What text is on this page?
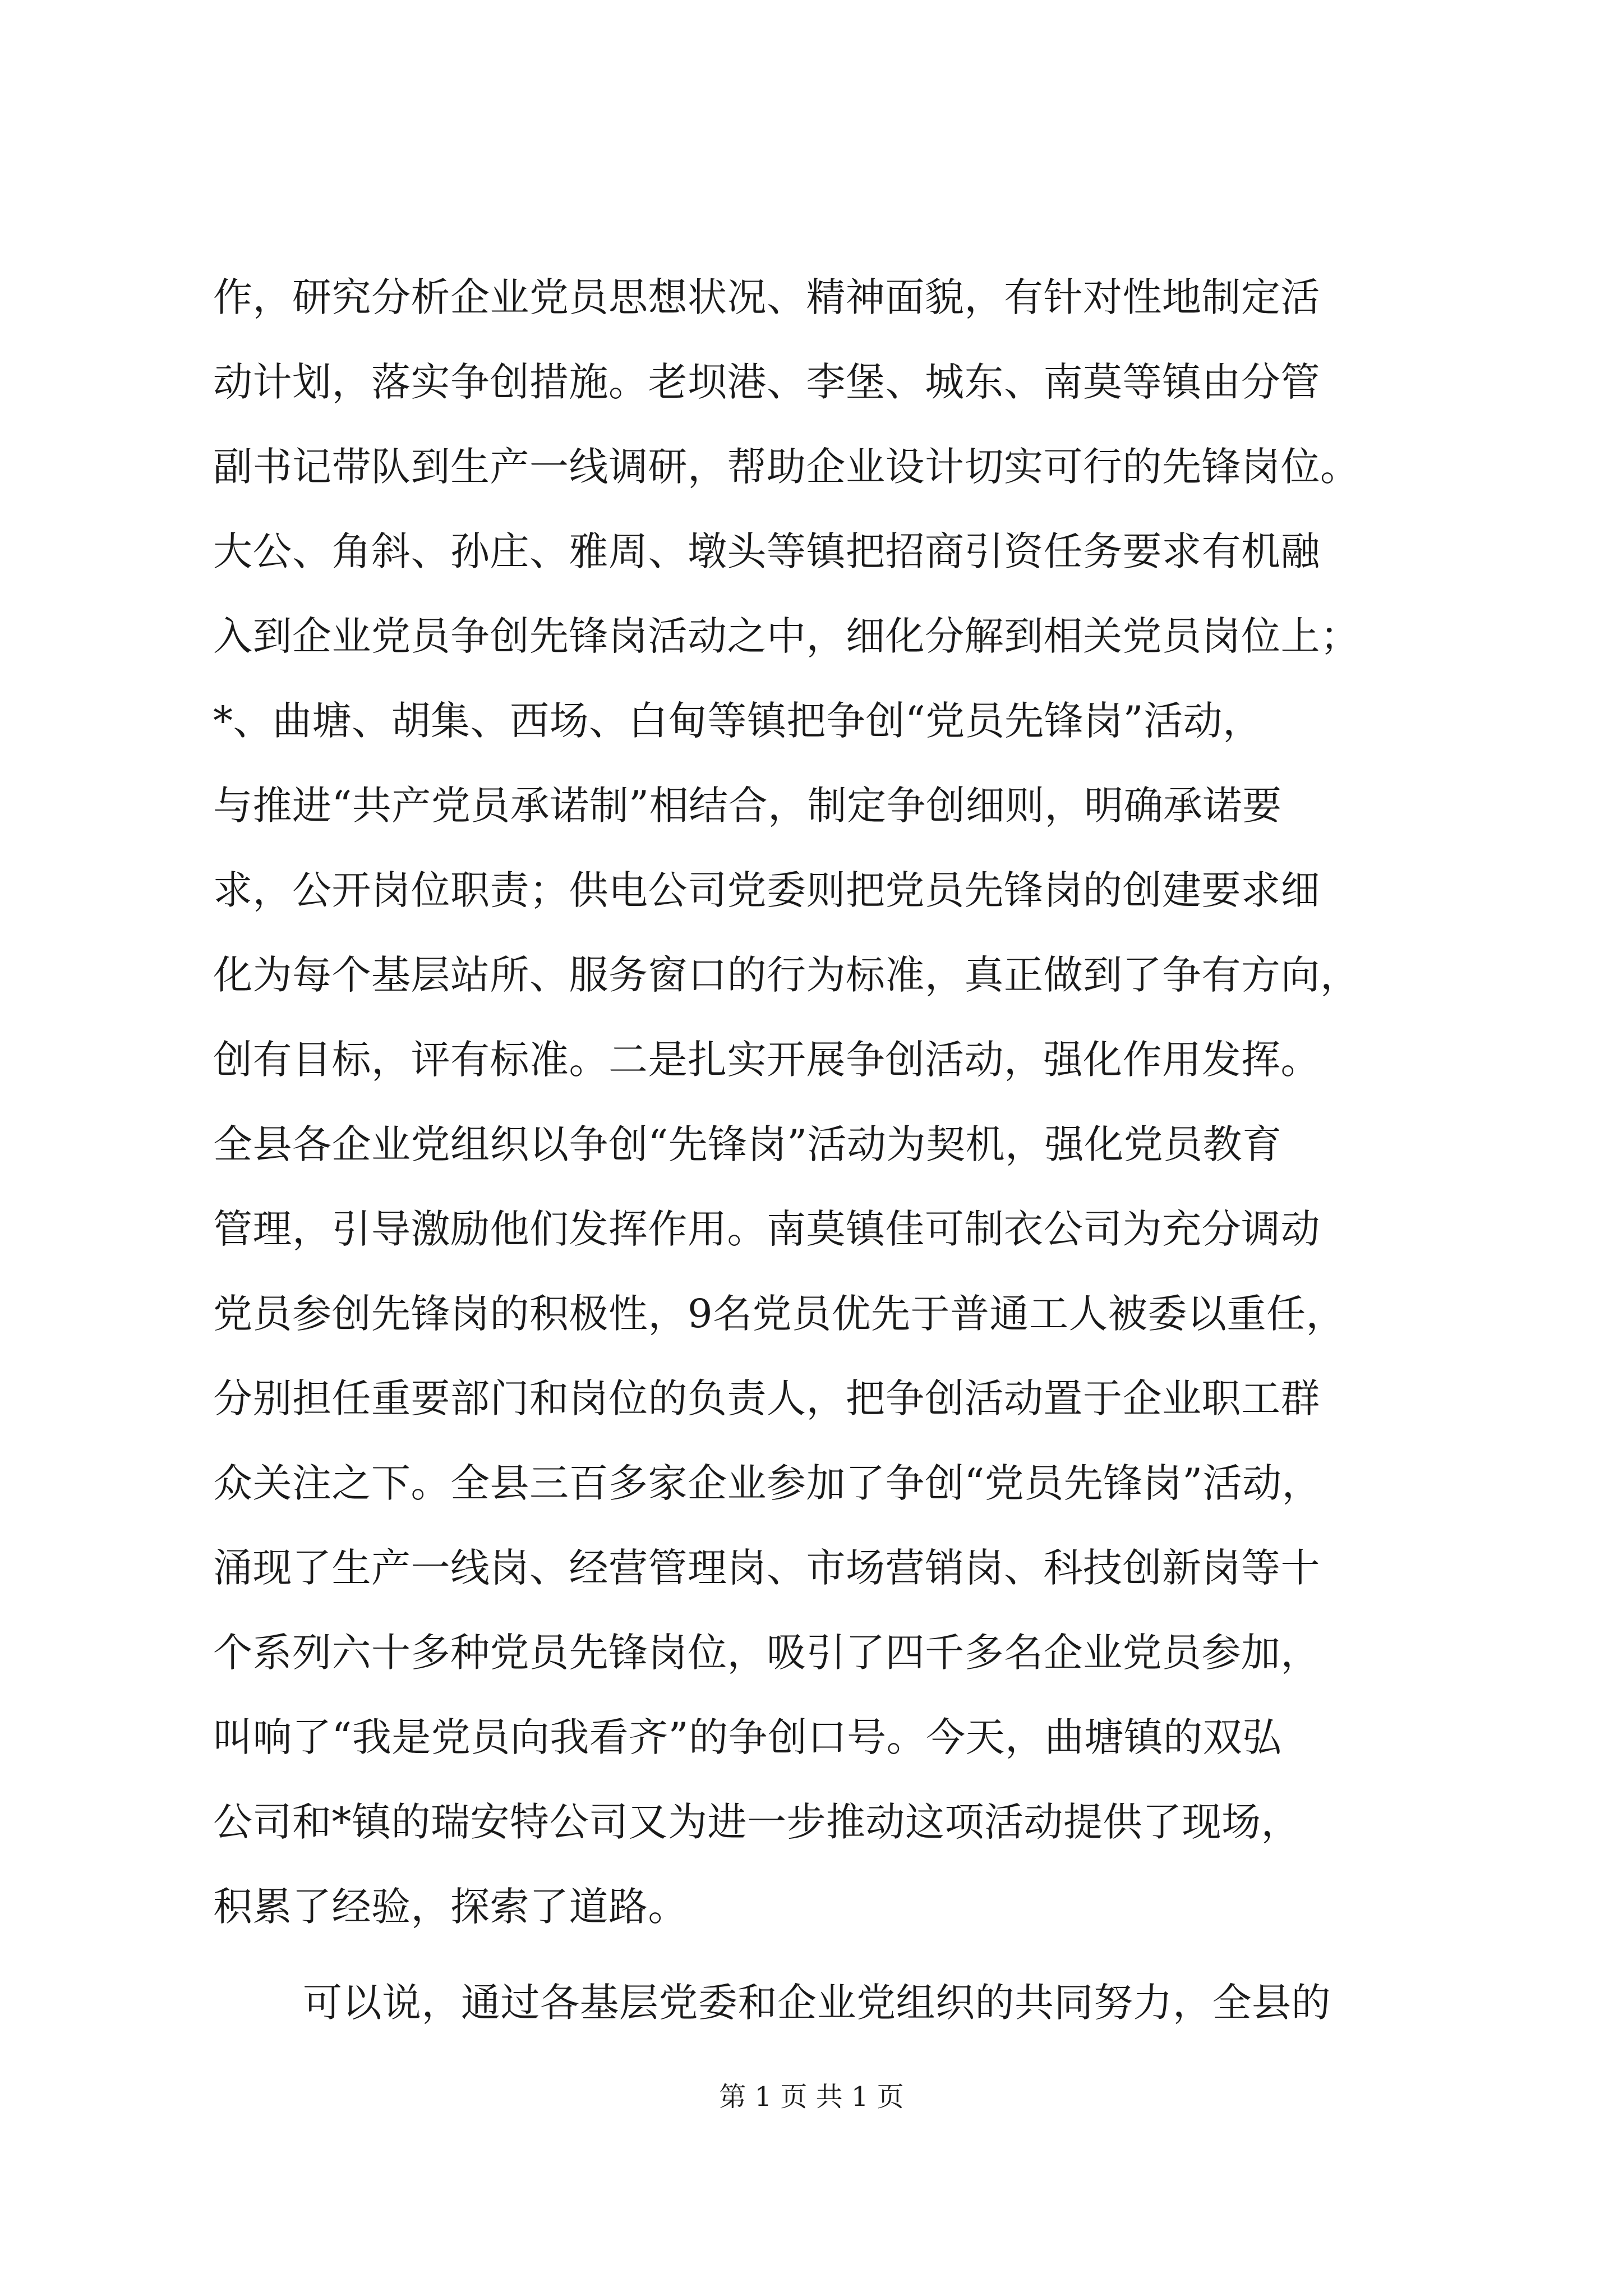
作，研究分析企业党员思想状况、精神面貌，有针对性地制定活
动计划，落实争创措施。老坝港、李堡、城东、南莫等镇由分管
副书记带队到生产一线调研，帮助企业设计切实可行的先锋岗位。
大公、角斜、孙庄、雅周、墩头等镇把招商引资任务要求有机融
入到企业党员争创先锋岗活动之中，细化分解到相关党员岗位上；
*、曲塘、胡集、西场、白甸等镇把争创“党员先锋岗”活动，
与推进“共产党员承诺制”相结合，制定争创细则，明确承诺要
求，公开岗位职责；供电公司党委则把党员先锋岗的创建要求细
化为每个基层站所、服务窗口的行为标准，真正做到了争有方向，
创有目标，评有标准。二是扎实开展争创活动，强化作用发挥。
全县各企业党组织以争创“先锋岗”活动为契机，强化党员教育
管理，引导激励他们发挥作用。南莫镇佳可制衣公司为充分调动
党员参创先锋岗的积极性，9名党员优先于普通工人被委以重任，
分别担任重要部门和岗位的负责人，把争创活动置于企业职工群
众关注之下。全县三百多家企业参加了争创“党员先锋岗”活动，
涌现了生产一线岗、经营管理岗、市场营销岗、科技创新岗等十
个系列六十多种党员先锋岗位，吸引了四千多名企业党员参加，
叫响了“我是党员向我看齐”的争创口号。今天，曲塘镇的双弘
公司和*镇的瑞安特公司又为进一步推动这项活动提供了现场，
积累了经验，探索了道路。
可以说，通过各基层党委和企业党组织的共同努力，全县的
第 1 页 共 1 页
